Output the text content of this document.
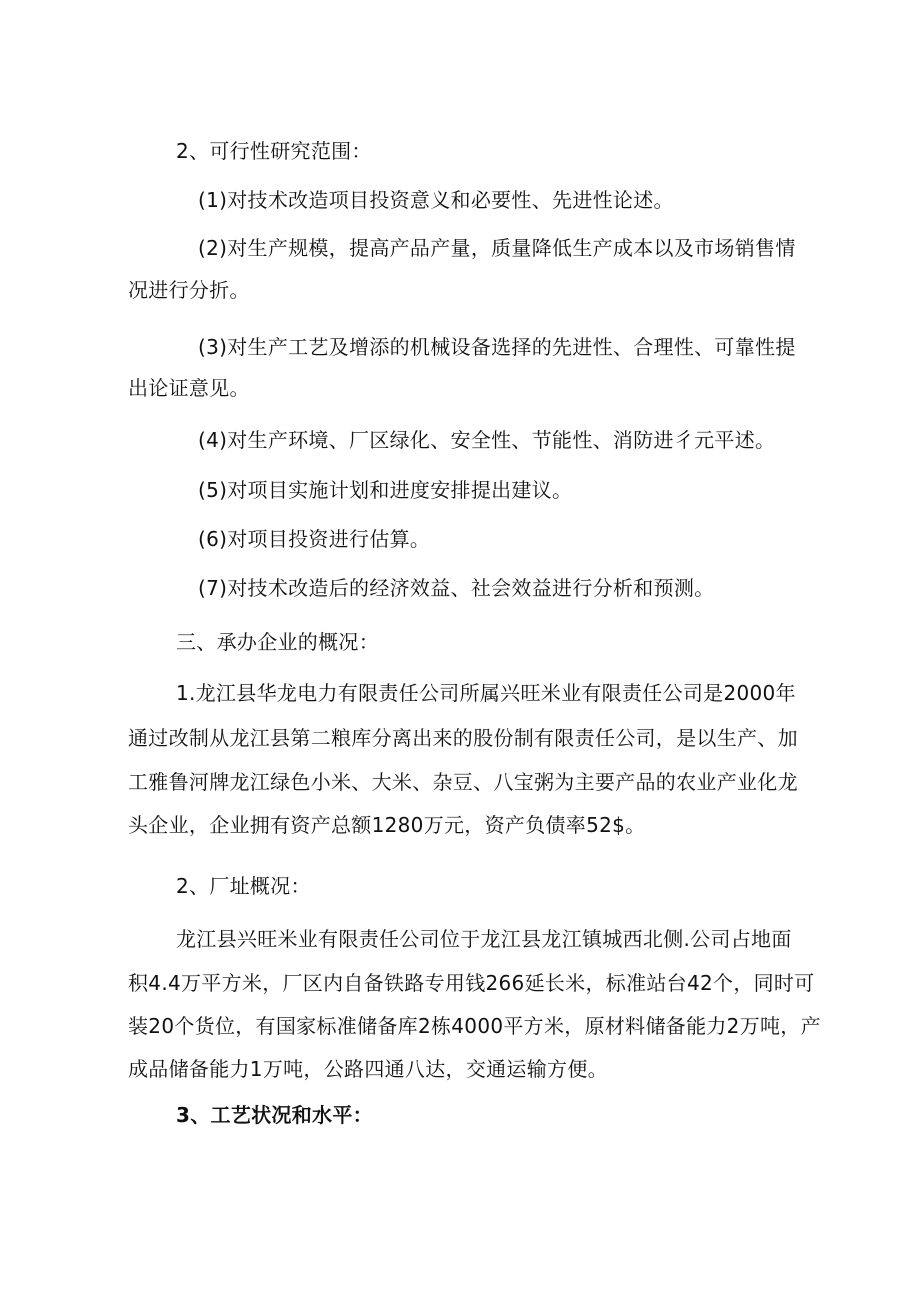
2、可行性研究范围：
(1)对技术改造项目投资意义和必要性、先进性论述。
(2)对生产规模，提高产品产量，质量降低生产成本以及市场销售情
况进行分折。
(3)对生产工艺及增添的机械设备选择的先进性、合理性、可靠性提
出论证意见。
(4)对生产环境、厂区绿化、安全性、节能性、消防进彳元平述。
(5)对项目实施计划和进度安排提出建议。
(6)对项目投资进行估算。
(7)对技术改造后的经济效益、社会效益进行分析和预测。
三、承办企业的概况：
1.龙江县华龙电力有限责任公司所属兴旺米业有限责任公司是2000年
通过改制从龙江县第二粮库分离出来的股份制有限责任公司，是以生产、加
工雅鲁河牌龙江绿色小米、大米、杂豆、八宝粥为主要产品的农业产业化龙
头企业，企业拥有资产总额1280万元，资产负债率52$。
2、厂址概况：
龙江县兴旺米业有限责任公司位于龙江县龙江镇城西北侧.公司占地面
积4.4万平方米，厂区内自备铁路专用钱266延长米，标准站台42个，同时可
装20个货位，有国家标准储备库2栋4000平方米，原材料储备能力2万吨，产
成品储备能力1万吨，公路四通八达，交通运输方便。
3、工艺状况和水平：
